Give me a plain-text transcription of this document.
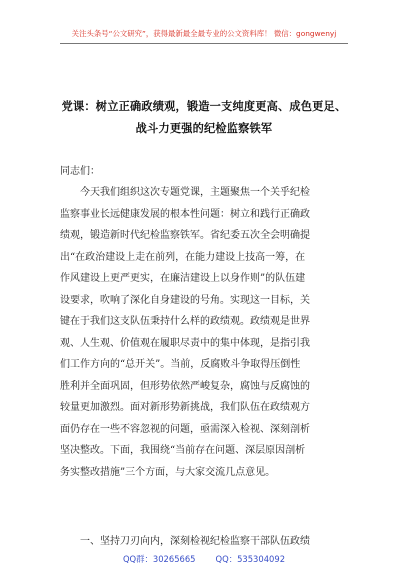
关注头条号“公文研究”，获得最新最全最专业的公文资料库！ 微信：gongwenyj
党课：树立正确政绩观，锻造一支纯度更高、成色更足、
战斗力更强的纪检监察铁军
同志们：
今天我们组织这次专题党课，主题聚焦一个关乎纪检
监察事业长远健康发展的根本性问题：树立和践行正确政
绩观，锻造新时代纪检监察铁军。省纪委五次全会明确提
出“在政治建设上走在前列，在能力建设上技高一筹，在
作风建设上更严更实，在廉洁建设上以身作则”的队伍建
设要求，吹响了深化自身建设的号角。实现这一目标，关
键在于我们这支队伍秉持什么样的政绩观。政绩观是世界
观、人生观、价值观在履职尽责中的集中体现，是指引我
们工作方向的“总开关”。当前，反腐败斗争取得压倒性
胜利并全面巩固，但形势依然严峻复杂，腐蚀与反腐蚀的
较量更加激烈。面对新形势新挑战，我们队伍在政绩观方
面仍存在一些不容忽视的问题，亟需深入检视、深刻剖析
坚决整改。下面，我围绕“当前存在问题、深层原因剖析
务实整改措施”三个方面，与大家交流几点意见。
一、坚持刀刃向内，深刻检视纪检监察干部队伍政绩
QQ群：30265665 QQ：535304092
